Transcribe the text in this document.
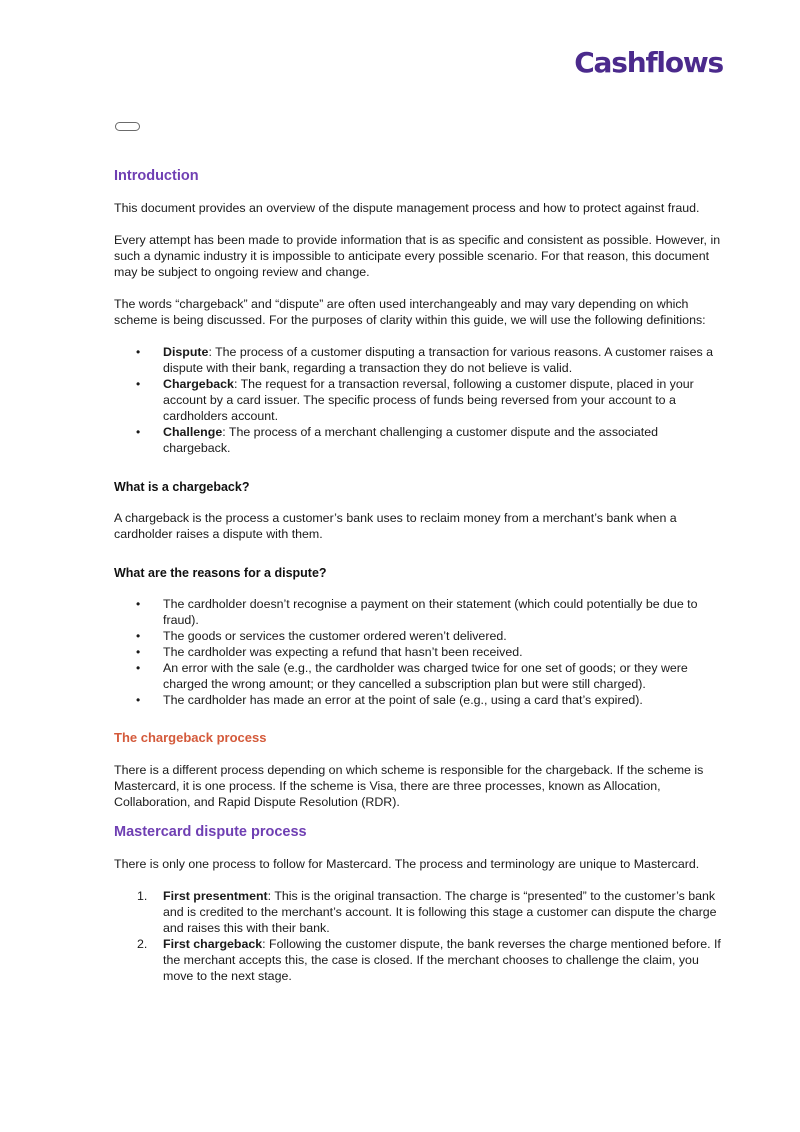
Cashflows
Introduction

This document provides an overview of the dispute management process and how to protect against fraud.

Every attempt has been made to provide information that is as specific and consistent as possible. However, in such a dynamic industry it is impossible to anticipate every possible scenario. For that reason, this document may be subject to ongoing review and change.

The words “chargeback” and “dispute” are often used interchangeably and may vary depending on which scheme is being discussed. For the purposes of clarity within this guide, we will use the following definitions:

• Dispute: The process of a customer disputing a transaction for various reasons. A customer raises a dispute with their bank, regarding a transaction they do not believe is valid.
• Chargeback: The request for a transaction reversal, following a customer dispute, placed in your account by a card issuer. The specific process of funds being reversed from your account to a cardholders account.
• Challenge: The process of a merchant challenging a customer dispute and the associated chargeback.
What is a chargeback?

A chargeback is the process a customer’s bank uses to reclaim money from a merchant’s bank when a cardholder raises a dispute with them.

What are the reasons for a dispute?
• The cardholder doesn’t recognise a payment on their statement (which could potentially be due to fraud).
• The goods or services the customer ordered weren’t delivered.
• The cardholder was expecting a refund that hasn’t been received.
• An error with the sale (e.g., the cardholder was charged twice for one set of goods; or they were charged the wrong amount; or they cancelled a subscription plan but were still charged).
• The cardholder has made an error at the point of sale (e.g., using a card that’s expired).
The chargeback process

There is a different process depending on which scheme is responsible for the chargeback. If the scheme is Mastercard, it is one process. If the scheme is Visa, there are three processes, known as Allocation, Collaboration, and Rapid Dispute Resolution (RDR).

Mastercard dispute process

There is only one process to follow for Mastercard. The process and terminology are unique to Mastercard.

1. First presentment: This is the original transaction. The charge is “presented” to the customer’s bank and is credited to the merchant’s account. It is following this stage a customer can dispute the charge and raises this with their bank.
2. First chargeback: Following the customer dispute, the bank reverses the charge mentioned before. If the merchant accepts this, the case is closed. If the merchant chooses to challenge the claim, you move to the next stage.
